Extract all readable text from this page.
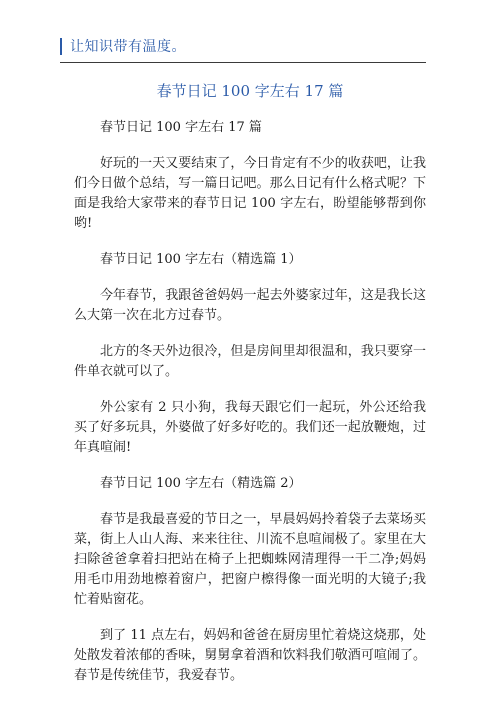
让知识带有温度。
春节日记 100 字左右 17 篇

春节日记 100 字左右 17 篇

好玩的一天又要结束了，今日肯定有不少的收获吧，让我们今日做个总结，写一篇日记吧。那么日记有什么格式呢？下面是我给大家带来的春节日记 100 字左右，盼望能够帮到你哟!

春节日记 100 字左右（精选篇 1）

今年春节，我跟爸爸妈妈一起去外婆家过年，这是我长这么大第一次在北方过春节。

北方的冬天外边很冷，但是房间里却很温和，我只要穿一件单衣就可以了。

外公家有 2 只小狗，我每天跟它们一起玩，外公还给我买了好多玩具，外婆做了好多好吃的。我们还一起放鞭炮，过年真喧闹!

春节日记 100 字左右（精选篇 2）

春节是我最喜爱的节日之一，早晨妈妈拎着袋子去菜场买菜，街上人山人海、来来往往、川流不息喧闹极了。家里在大扫除爸爸拿着扫把站在椅子上把蜘蛛网清理得一干二净;妈妈用毛巾用劲地檫着窗户，把窗户檫得像一面光明的大镜子;我忙着贴窗花。

到了 11 点左右，妈妈和爸爸在厨房里忙着烧这烧那，处处散发着浓郁的香味，舅舅拿着酒和饮料我们敬酒可喧闹了。春节是传统佳节，我爱春节。
